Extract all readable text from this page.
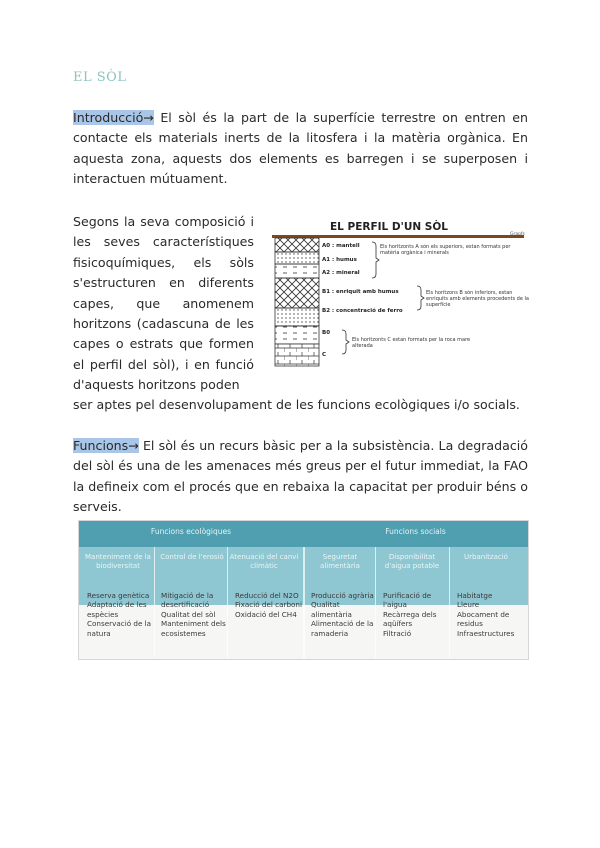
EL SÒL
Introducció→ El sòl és la part de la superfície terrestre on entren en contacte els materials inerts de la litosfera i la matèria orgànica. En aquesta zona, aquests dos elements es barregen i se superposen i interactuen mútuament.
Segons la seva composició i les seves característiques fisicoquímiques, els sòls s'estructuren en diferents capes, que anomenem horitzons (cadascuna de les capes o estrats que formen el perfil del sòl), i en funció d'aquests horitzons poden
EL PERFIL D'UN SÒL
Grapfs
A0 : mantell
A1 : humus
A2 : mineral
B1 : enriquit amb humus
B2 : concentració de ferro
B0
C
Els horitzonts A són els superiors, estan formats per matèria orgànica i minerals
Els horitzons B són inferiors, estan enriquits amb elements procedents de la superfície
Els horitzonts C estan formats per la roca mare alterada
ser aptes pel desenvolupament de les funcions ecològiques i/o socials.
Funcions→ El sòl és un recurs bàsic per a la subsistència. La degradació del sòl és una de les amenaces més greus per el futur immediat, la FAO la defineix com el procés que en rebaixa la capacitat per produir béns o serveis.
Funcions ecològiques	Funcions socials
Manteniment de la biodiversitat
Control de l'erosió Atenuació del canvi climàtic
Seguretat alimentària
Disponibilitat d'aigua potable
Urbanització
Reserva genètica
Adaptació de les espècies
Conservació de la natura
Mitigació de la desertificació
Qualitat del sòl
Manteniment dels ecosistemes
Reducció del N2O
Fixació del carboni
Oxidació del CH4
Producció agrària
Qualitat alimentària
Alimentació de la ramaderia
Purificació de l'aigua
Recàrrega dels aqüífers
Filtració
Habitatge
Lleure
Abocament de residus
Infraestructures
